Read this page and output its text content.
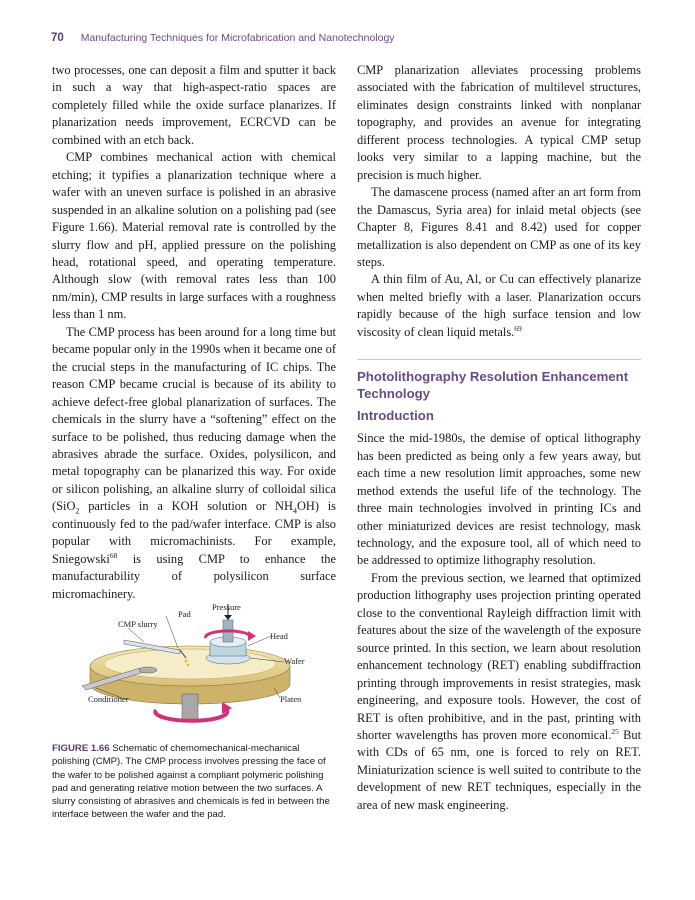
70 Manufacturing Techniques for Microfabrication and Nanotechnology

two processes, one can deposit a film and sputter it back in such a way that high-aspect-ratio spaces are completely filled while the oxide surface planarizes. If planarization needs improvement, ECRCVD can be combined with an etch back.

CMP combines mechanical action with chemical etching; it typifies a planarization technique where a wafer with an uneven surface is polished in an abrasive suspended in an alkaline solution on a polishing pad (see Figure 1.66). Material removal rate is controlled by the slurry flow and pH, applied pressure on the polishing head, rotational speed, and operating temperature. Although slow (with removal rates less than 100 nm/min), CMP results in large surfaces with a roughness less than 1 nm.

The CMP process has been around for a long time but became popular only in the 1990s when it became one of the crucial steps in the manufacturing of IC chips. The reason CMP became crucial is because of its ability to achieve defect-free global planarization of surfaces. The chemicals in the slurry have a “softening” effect on the surface to be polished, thus reducing damage when the abrasives abrade the surface. Oxides, polysilicon, and metal topography can be planarized this way. For oxide or silicon polishing, an alkaline slurry of colloidal silica (SiO$_2$ particles in a KOH solution or $NH_4OH$) is continuously fed to the pad/wafer interface. CMP is also popular with micromachinists. For example, Sniegowski$^{68}$ is using CMP to enhance the manufacturability of polysilicon surface micromachinery.

Pad
Pressure
CMP slurry
Head
Wafer
Conditioner	Platen
FIGURE 1.66 Schematic of chemomechanical-mechanical polishing (CMP). The CMP process involves pressing the face of the wafer to be polished against a compliant polymeric polishing pad and generating relative motion between the two surfaces. A slurry consisting of abrasives and chemicals is fed in between the interface between the wafer and the pad.

CMP planarization alleviates processing problems associated with the fabrication of multilevel structures, eliminates design constraints linked with nonplanar topography, and provides an avenue for integrating different process technologies. A typical CMP setup looks very similar to a lapping machine, but the precision is much higher.

The damascene process (named after an art form from the Damascus, Syria area) for inlaid metal objects (see Chapter 8, Figures 8.41 and 8.42) used for copper metallization is also dependent on CMP as one of its key steps.

A thin film of Au, Al, or Cu can effectively planarize when melted briefly with a laser. Planarization occurs rapidly because of the high surface tension and low viscosity of clean liquid metals.$^{69}$

Photolithography Resolution Enhancement Technology
Introduction

Since the mid-1980s, the demise of optical lithography has been predicted as being only a few years away, but each time a new resolution limit approaches, some new method extends the useful life of the technology. The three main technologies involved in printing ICs and other miniaturized devices are resist technology, mask technology, and the exposure tool, all of which need to be addressed to optimize lithography resolution.

From the previous section, we learned that optimized production lithography uses projection printing operated close to the conventional Rayleigh diffraction limit with features about the size of the wavelength of the exposure source printed. In this section, we learn about resolution enhancement technology (RET) enabling subdiffraction printing through improvements in resist strategies, mask engineering, and exposure tools. However, the cost of RET is often prohibitive, and in the past, printing with shorter wavelengths has proven more economical.$^{25}$ But with CDs of 65 nm, one is forced to rely on RET. Miniaturization science is well suited to contribute to the development of new RET techniques, especially in the area of new mask engineering.
